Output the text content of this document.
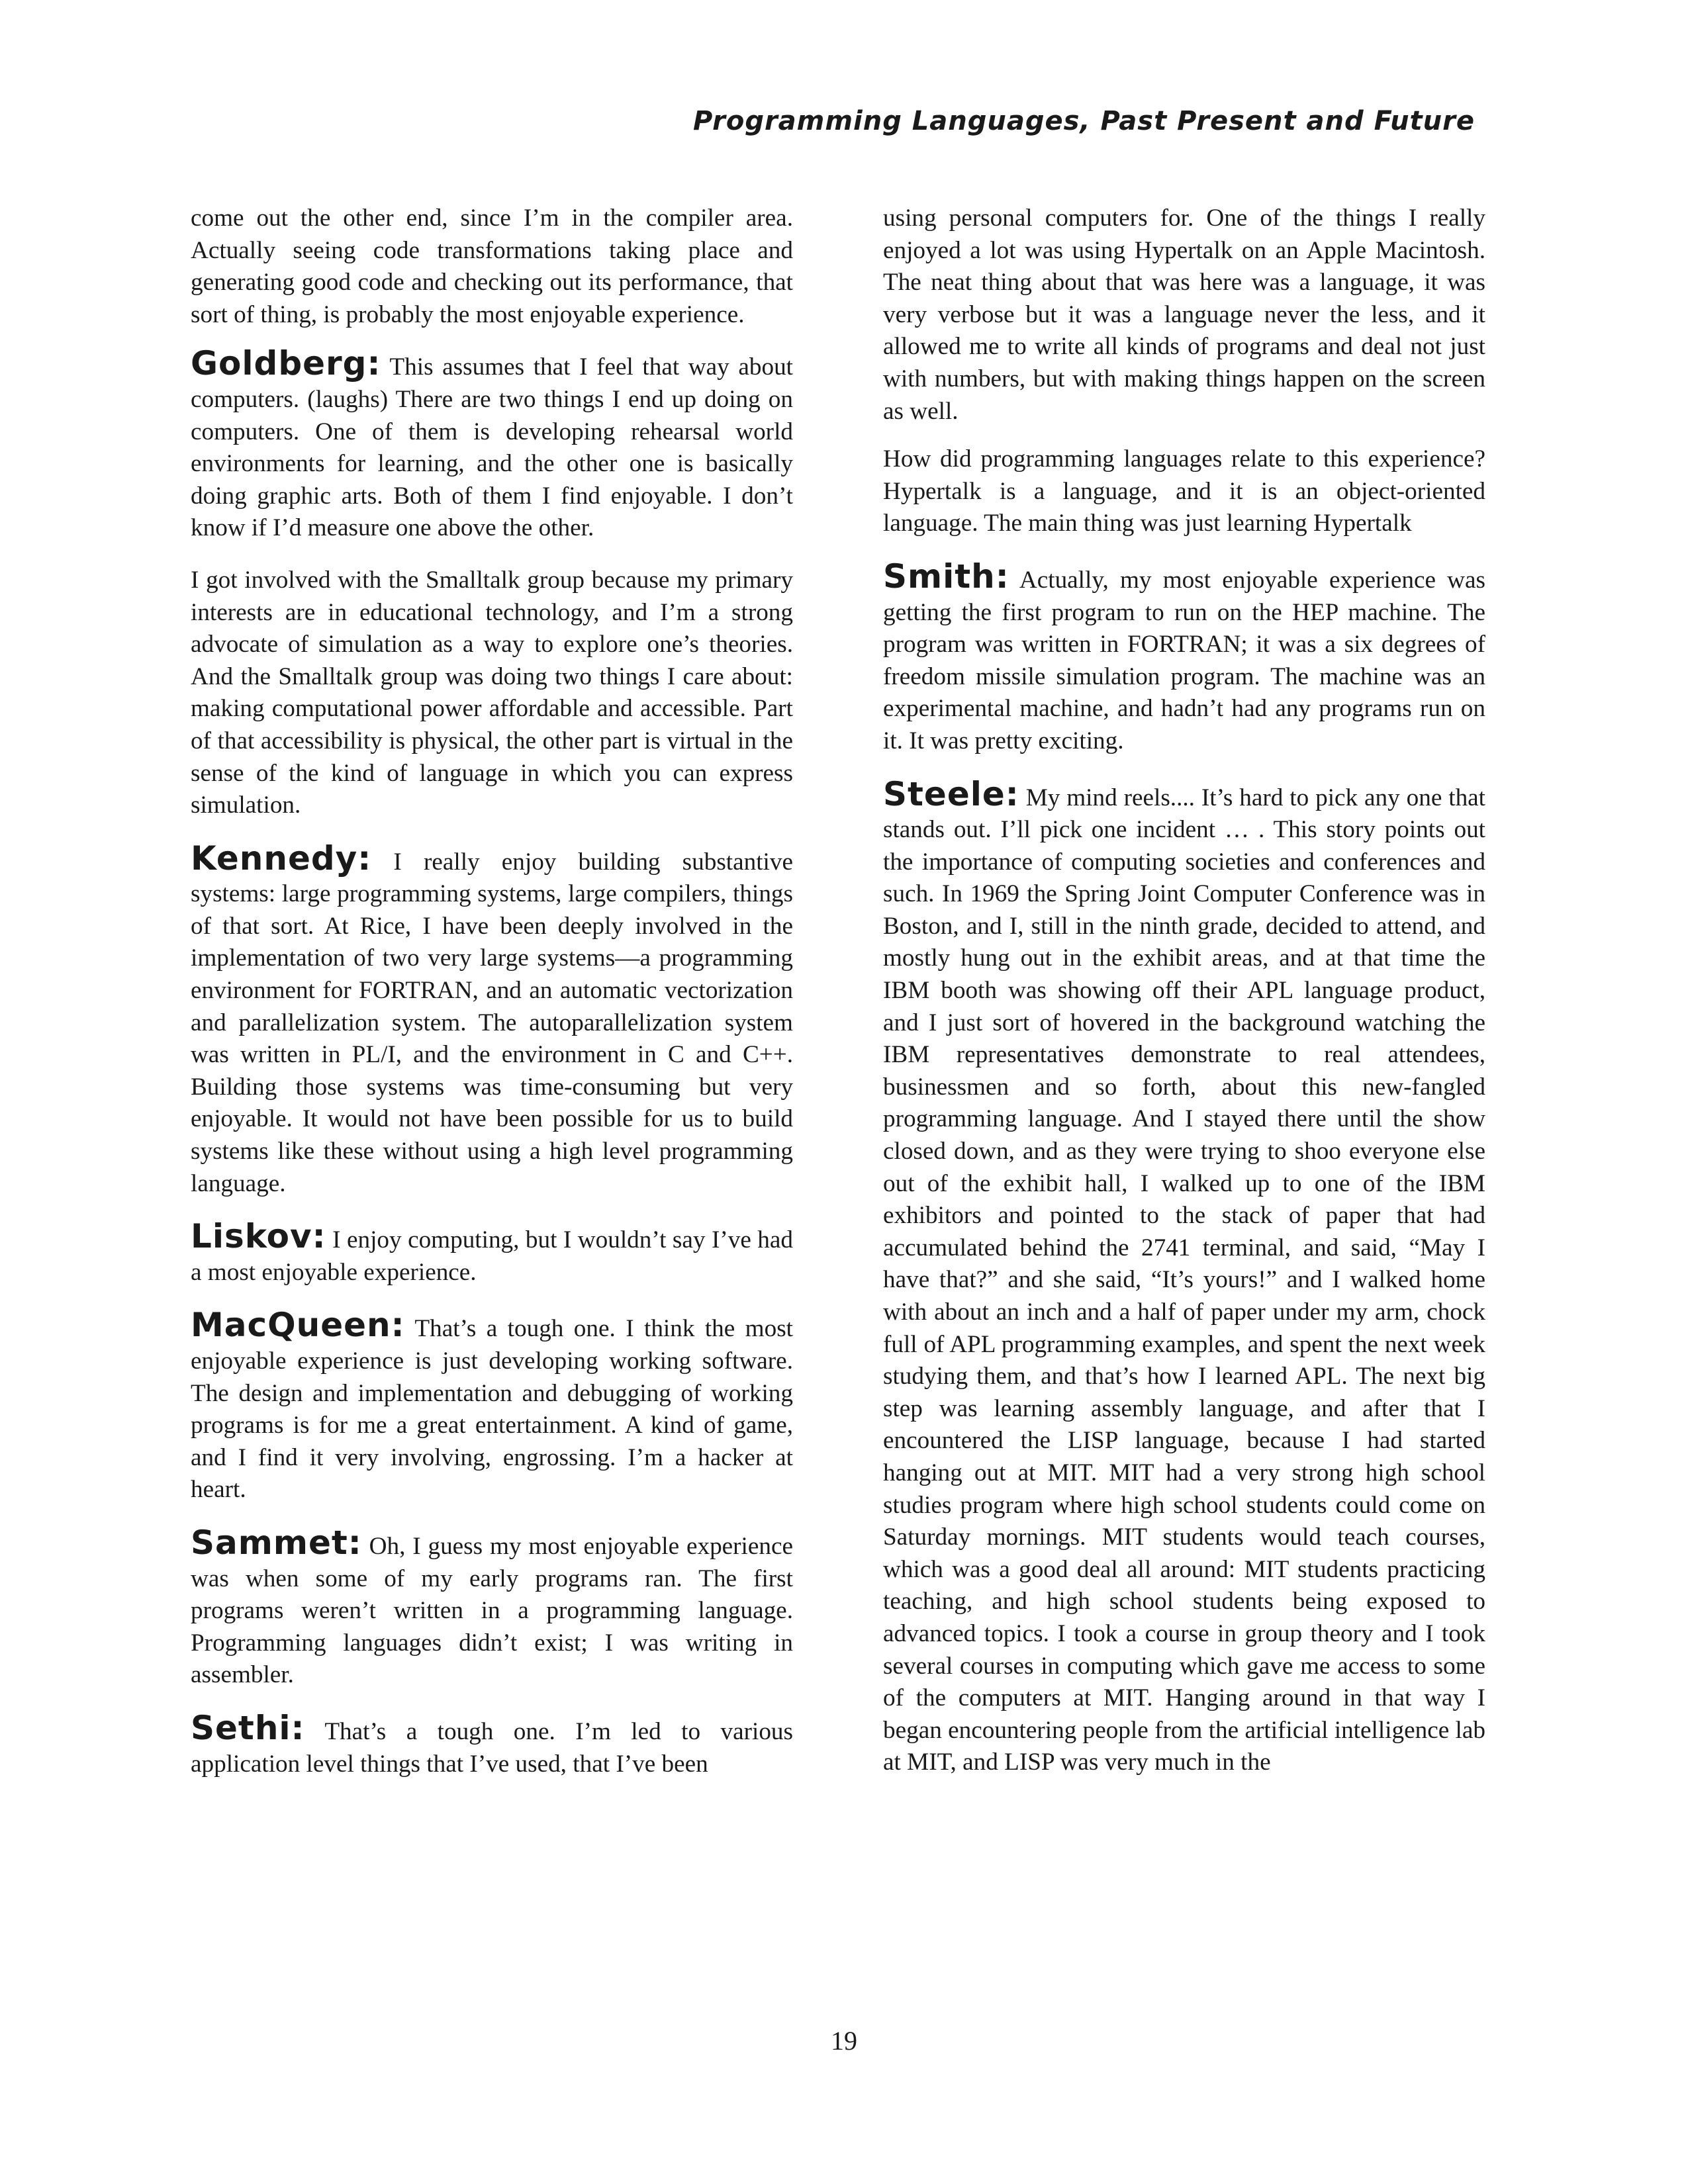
Programming Languages, Past Present and Future

come out the other end, since I’m in the compiler area. Actually seeing code transformations taking place and generating good code and checking out its performance, that sort of thing, is probably the most enjoyable experience.

Goldberg: This assumes that I feel that way about computers. (laughs) There are two things I end up doing on computers. One of them is developing rehearsal world environments for learning, and the other one is basically doing graphic arts. Both of them I find enjoyable. I don’t know if I’d measure one above the other.

I got involved with the Smalltalk group because my primary interests are in educational technology, and I’m a strong advocate of simulation as a way to explore one’s theories. And the Smalltalk group was doing two things I care about: making computational power affordable and accessible. Part of that accessibility is physical, the other part is virtual in the sense of the kind of language in which you can express simulation.

Kennedy: I really enjoy building substantive systems: large programming systems, large compilers, things of that sort. At Rice, I have been deeply involved in the implementation of two very large systems—a programming environment for FORTRAN, and an automatic vectorization and parallelization system. The autoparallelization system was written in PL/I, and the environment in C and C++. Building those systems was time-consuming but very enjoyable. It would not have been possible for us to build systems like these without using a high level programming language.

Liskov: I enjoy computing, but I wouldn’t say I’ve had a most enjoyable experience.

MacQueen: That’s a tough one. I think the most enjoyable experience is just developing working software. The design and implementation and debugging of working programs is for me a great entertainment. A kind of game, and I find it very involving, engrossing. I’m a hacker at heart.

Sammet: Oh, I guess my most enjoyable experience was when some of my early programs ran. The first programs weren’t written in a programming language. Programming languages didn’t exist; I was writing in assembler.

Sethi: That’s a tough one. I’m led to various application level things that I’ve used, that I’ve been

using personal computers for. One of the things I really enjoyed a lot was using Hypertalk on an Apple Macintosh. The neat thing about that was here was a language, it was very verbose but it was a language never the less, and it allowed me to write all kinds of programs and deal not just with numbers, but with making things happen on the screen as well.

How did programming languages relate to this experience? Hypertalk is a language, and it is an object-oriented language. The main thing was just learning Hypertalk

Smith: Actually, my most enjoyable experience was getting the first program to run on the HEP machine. The program was written in FORTRAN; it was a six degrees of freedom missile simulation program. The machine was an experimental machine, and hadn’t had any programs run on it. It was pretty exciting.

Steele: My mind reels.... It’s hard to pick any one that stands out. I’ll pick one incident … . This story points out the importance of computing societies and conferences and such. In 1969 the Spring Joint Computer Conference was in Boston, and I, still in the ninth grade, decided to attend, and mostly hung out in the exhibit areas, and at that time the IBM booth was showing off their APL language product, and I just sort of hovered in the background watching the IBM representatives demonstrate to real attendees, businessmen and so forth, about this new-fangled programming language. And I stayed there until the show closed down, and as they were trying to shoo everyone else out of the exhibit hall, I walked up to one of the IBM exhibitors and pointed to the stack of paper that had accumulated behind the 2741 terminal, and said, “May I have that?” and she said, “It’s yours!” and I walked home with about an inch and a half of paper under my arm, chock full of APL programming examples, and spent the next week studying them, and that’s how I learned APL. The next big step was learning assembly language, and after that I encountered the LISP language, because I had started hanging out at MIT. MIT had a very strong high school studies program where high school students could come on Saturday mornings. MIT students would teach courses, which was a good deal all around: MIT students practicing teaching, and high school students being exposed to advanced topics. I took a course in group theory and I took several courses in computing which gave me access to some of the computers at MIT. Hanging around in that way I began encountering people from the artificial intelligence lab at MIT, and LISP was very much in the

19
